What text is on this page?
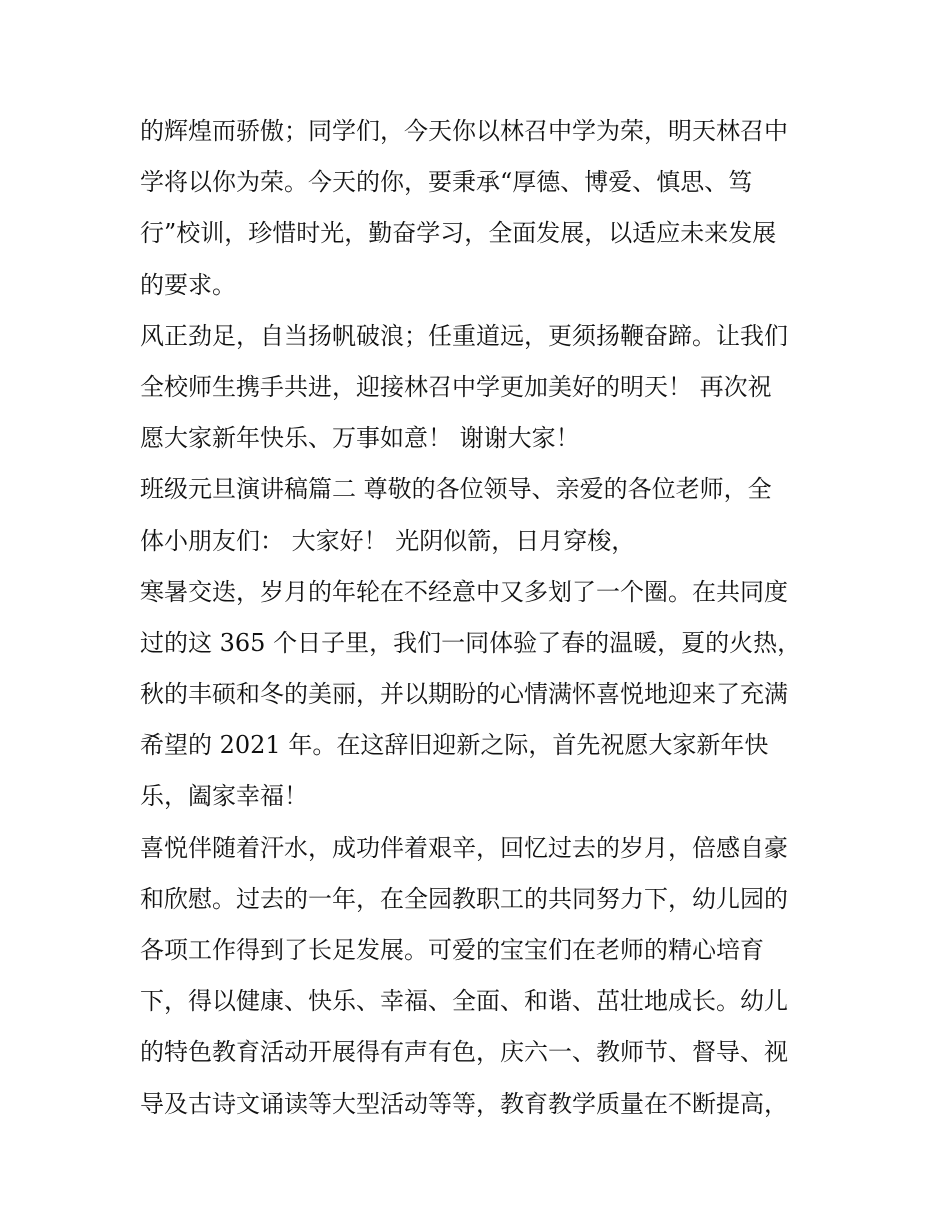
的辉煌而骄傲；同学们，今天你以林召中学为荣，明天林召中
学将以你为荣。今天的你，要秉承“厚德、博爱、慎思、笃
行”校训，珍惜时光，勤奋学习，全面发展，以适应未来发展
的要求。
风正劲足，自当扬帆破浪；任重道远，更须扬鞭奋蹄。让我们
全校师生携手共进，迎接林召中学更加美好的明天！ 再次祝
愿大家新年快乐、万事如意！ 谢谢大家！
班级元旦演讲稿篇二 尊敬的各位领导、亲爱的各位老师，全
体小朋友们： 大家好！ 光阴似箭，日月穿梭，
寒暑交迭，岁月的年轮在不经意中又多划了一个圈。在共同度
过的这 365 个日子里，我们一同体验了春的温暖，夏的火热，
秋的丰硕和冬的美丽，并以期盼的心情满怀喜悦地迎来了充满
希望的 2021 年。在这辞旧迎新之际，首先祝愿大家新年快
乐，阖家幸福！
喜悦伴随着汗水，成功伴着艰辛，回忆过去的岁月，倍感自豪
和欣慰。过去的一年，在全园教职工的共同努力下，幼儿园的
各项工作得到了长足发展。可爱的宝宝们在老师的精心培育
下，得以健康、快乐、幸福、全面、和谐、茁壮地成长。幼儿
的特色教育活动开展得有声有色，庆六一、教师节、督导、视
导及古诗文诵读等大型活动等等，教育教学质量在不断提高，
